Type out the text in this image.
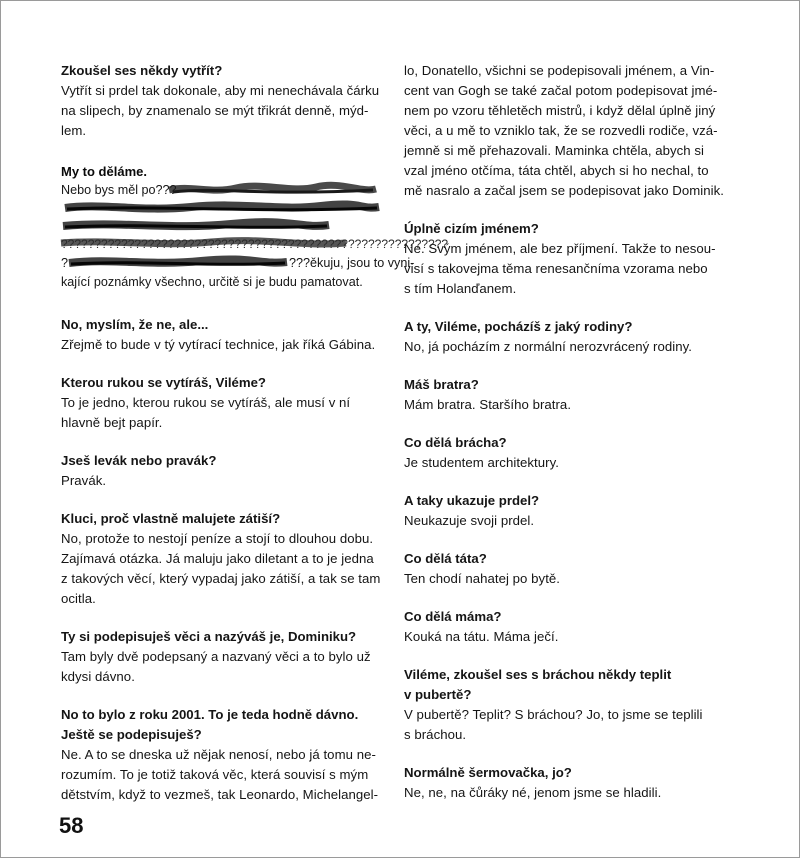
Zkoušel ses někdy vytřít?

Vytřít si prdel tak dokonale, aby mi nenechávala čárku
na slipech, by znamenalo se mýt třikrát denně, mýd-
lem.

??????????????????????????????????????????????????????????
My to děláme.
Nebo bys měl po???
?	???ěkuju, jsou to vyni-
kající poznámky všechno, určitě si je budu pamatovat.

No, myslím, že ne, ale...

Zřejmě to bude v tý vytírací technice, jak říká Gábina.

Kterou rukou se vytíráš, Viléme?

To je jedno, kterou rukou se vytíráš, ale musí v ní
hlavně bejt papír.

Jseš levák nebo pravák?

Pravák.

Kluci, proč vlastně malujete zátiší?

No, protože to nestojí peníze a stojí to dlouhou dobu.
Zajímavá otázka. Já maluju jako diletant a to je jedna
z takových věcí, který vypadaj jako zátiší, a tak se tam
ocitla.

Ty si podepisuješ věci a nazýváš je, Dominiku?

Tam byly dvě podepsaný a nazvaný věci a to bylo už
kdysi dávno.

No to bylo z roku 2001. To je teda hodně dávno.
Ještě se podepisuješ?

Ne. A to se dneska už nějak nenosí, nebo já tomu ne-
rozumím. To je totiž taková věc, která souvisí s mým
dětstvím, když to vezmeš, tak Leonardo, Michelangel-

lo, Donatello, všichni se podepisovali jménem, a Vin-
cent van Gogh se také začal potom podepisovat jmé-
nem po vzoru těhletěch mistrů, i když dělal úplně jiný
věci, a u mě to vzniklo tak, že se rozvedli rodiče, vzá-
jemně si mě přehazovali. Maminka chtěla, abych si
vzal jméno otčíma, táta chtěl, abych si ho nechal, to
mě nasralo a začal jsem se podepisovat jako Dominik.

Úplně cizím jménem?

Ne. Svým jménem, ale bez příjmení. Takže to nesou-
visí s takovejma těma renesančníma vzorama nebo
s tím Holanďanem.

A ty, Viléme, pocházíš z jaký rodiny?

No, já pocházím z normální nerozvrácený rodiny.

Máš bratra?

Mám bratra. Staršího bratra.

Co dělá brácha?

Je studentem architektury.

A taky ukazuje prdel?

Neukazuje svoji prdel.

Co dělá táta?

Ten chodí nahatej po bytě.

Co dělá máma?

Kouká na tátu. Máma ječí.

Viléme, zkoušel ses s bráchou někdy teplit
v pubertě?

V pubertě? Teplit? S bráchou? Jo, to jsme se teplili
s bráchou.

Normálně šermovačka, jo?

Ne, ne, na čůráky né, jenom jsme se hladili.

58
